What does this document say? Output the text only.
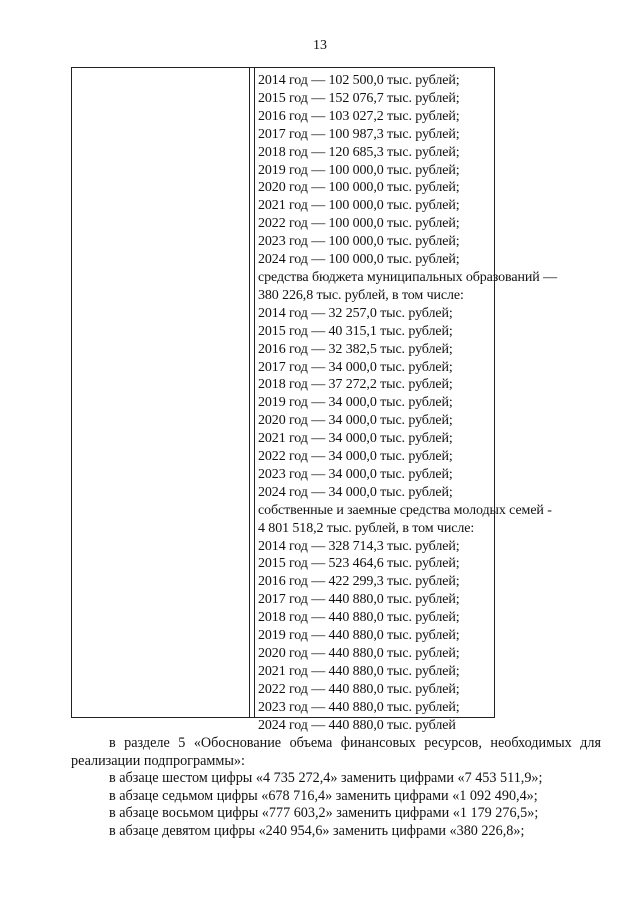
13
2014 год — 102 500,0 тыс. рублей;
2015 год — 152 076,7 тыс. рублей;
2016 год — 103 027,2 тыс. рублей;
2017 год — 100 987,3 тыс. рублей;
2018 год — 120 685,3 тыс. рублей;
2019 год — 100 000,0 тыс. рублей;
2020 год — 100 000,0 тыс. рублей;
2021 год — 100 000,0 тыс. рублей;
2022 год — 100 000,0 тыс. рублей;
2023 год — 100 000,0 тыс. рублей;
2024 год — 100 000,0 тыс. рублей;
средства бюджета муниципальных образований —
380 226,8 тыс. рублей, в том числе:
2014 год — 32 257,0 тыс. рублей;
2015 год — 40 315,1 тыс. рублей;
2016 год — 32 382,5 тыс. рублей;
2017 год — 34 000,0 тыс. рублей;
2018 год — 37 272,2 тыс. рублей;
2019 год — 34 000,0 тыс. рублей;
2020 год — 34 000,0 тыс. рублей;
2021 год — 34 000,0 тыс. рублей;
2022 год — 34 000,0 тыс. рублей;
2023 год — 34 000,0 тыс. рублей;
2024 год — 34 000,0 тыс. рублей;
собственные и заемные средства молодых семей -
4 801 518,2 тыс. рублей, в том числе:
2014 год — 328 714,3 тыс. рублей;
2015 год — 523 464,6 тыс. рублей;
2016 год — 422 299,3 тыс. рублей;
2017 год — 440 880,0 тыс. рублей;
2018 год — 440 880,0 тыс. рублей;
2019 год — 440 880,0 тыс. рублей;
2020 год — 440 880,0 тыс. рублей;
2021 год — 440 880,0 тыс. рублей;
2022 год — 440 880,0 тыс. рублей;
2023 год — 440 880,0 тыс. рублей;
2024 год — 440 880,0 тыс. рублей
в разделе 5 «Обоснование объема финансовых ресурсов, необходимых для
реализации подпрограммы»:
в абзаце шестом цифры «4 735 272,4» заменить цифрами «7 453 511,9»;
в абзаце седьмом цифры «678 716,4» заменить цифрами «1 092 490,4»;
в абзаце восьмом цифры «777 603,2» заменить цифрами «1 179 276,5»;
в абзаце девятом цифры «240 954,6» заменить цифрами «380 226,8»;
